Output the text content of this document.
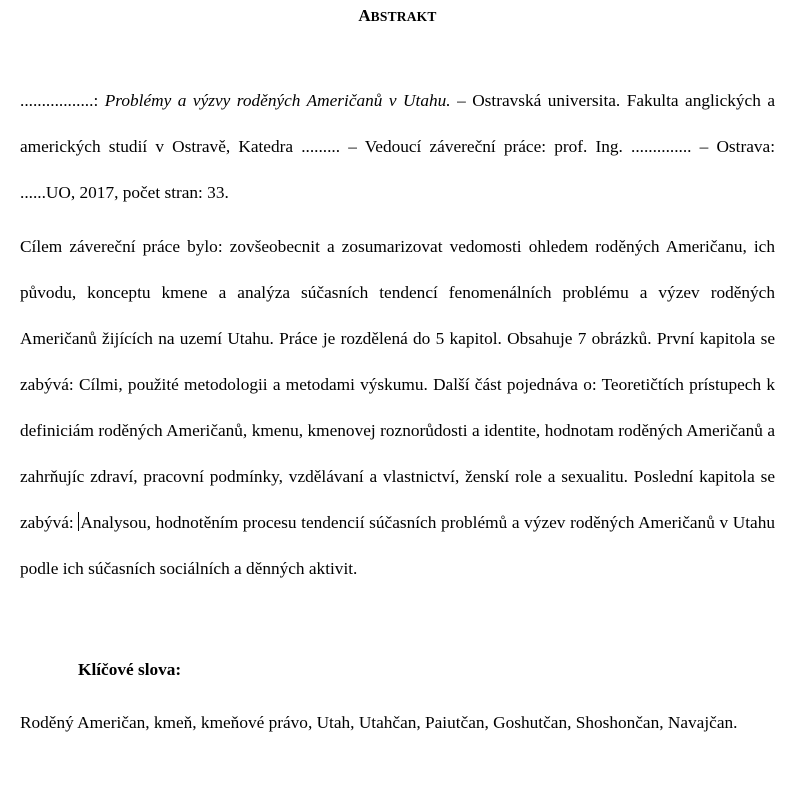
ABSTRAKT

.................: Problémy a výzvy roděných Američanů v Utahu. – Ostravská universita. Fakulta anglických a amerických studií v Ostravě, Katedra ......... – Vedoucí závereční práce: prof. Ing. .............. – Ostrava: ......UO, 2017, počet stran: 33.

Cílem závereční práce bylo: zovšeobecnit a zosumarizovat vedomosti ohledem roděných Američanu, ich původu, konceptu kmene a analýza súčasních tendencí fenomenálních problému a výzev roděných Američanů žijících na uzemí Utahu. Práce je rozdělená do 5 kapitol. Obsahuje 7 obrázků. První kapitola se zabývá: Cílmi, použité metodologii a metodami výskumu. Další část pojednáva o: Teoretičtích prístupech k definiciám roděných Američanů, kmenu, kmenovej roznorůdosti a identite, hodnotam roděných Američanů a zahrňujíc zdraví, pracovní podmínky, vzdělávaní a vlastnictví, ženskí role a sexualitu. Poslední kapitola se zabývá: Analysou, hodnotěním procesu tendencií súčasních problémů a výzev roděných Američanů v Utahu podle ich súčasních sociálních a děnných aktivit.

Klíčové slova:

Roděný Američan, kmeň, kmeňové právo, Utah, Utahčan, Paiutčan, Goshutčan, Shoshončan, Navajčan.
